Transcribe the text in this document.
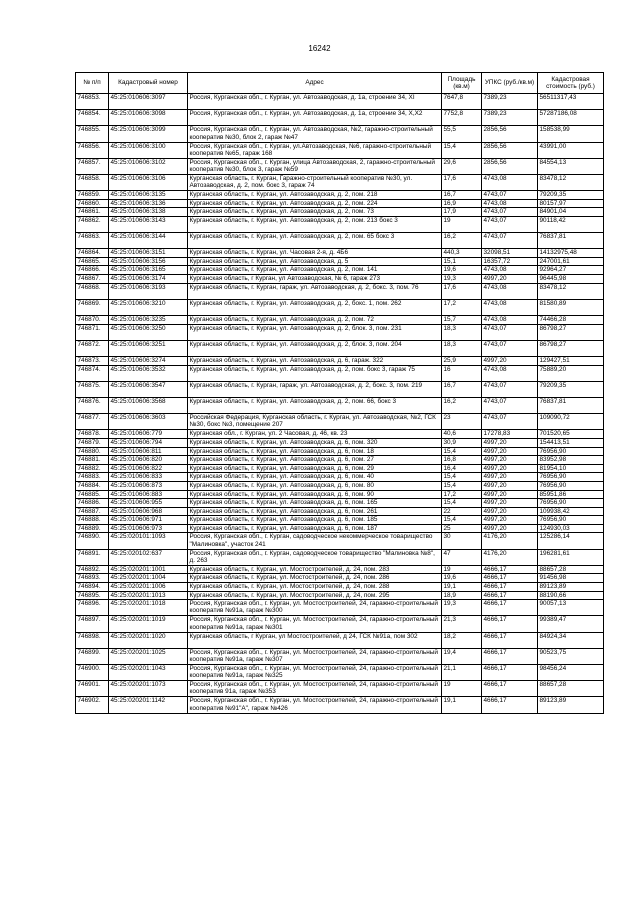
16242
№ п/п	Кадастровый номер	Адрес	Площадь (кв.м)	УПКС (руб./кв.м)	Кадастровая стоимость (руб.)
746853.	45:25:010606:3097	Россия, Курганская обл., г. Курган, ул. Автозаводская, д. 1а, строение 34, XI	7647,8	7389,23	56511317,43
746854.	45:25:010606:3098	Россия, Курганская обл., г. Курган, ул. Автозаводская, д. 1а, строение 34, X,X2	7752,8	7389,23	57287186,08
746855.	45:25:010606:3099	Россия, Курганская обл., г. Курган, ул. Автозаводская, №2, гаражно-строительный кооператив №30, блок 2, гараж №47	55,5	2856,56	158538,99
746856.	45:25:010606:3100	Россия, Курганская обл., г. Курган, ул.Автозаводская, №6, гаражно-строительный кооператив №65, гараж 168	15,4	2856,56	43991,00
746857.	45:25:010606:3102	Россия, Курганская обл., г. Курган, улица Автозаводская, 2, гаражно-строительный кооператив №30, блок 3, гараж №59	29,6	2856,56	84554,13
746858.	45:25:010606:3106	Курганская область, г. Курган, Гаражно-строительный кооператив №30, ул. Автозаводская, д. 2, пом. бокс 3, гараж 74	17,6	4743,08	83478,12
746859.	45:25:010606:3135	Курганская область, г. Курган, ул. Автозаводская, д. 2, пом. 218	16,7	4743,07	79209,35
746860.	45:25:010606:3136	Курганская область, г. Курган, ул. Автозаводская, д. 2, пом. 224	16,9	4743,08	80157,97
746861.	45:25:010606:3138	Курганская область, г. Курган, ул. Автозаводская, д. 2, пом. 73	17,9	4743,07	84901,04
746862.	45:25:010606:3143	Курганская область, г. Курган, ул. Автозаводская, д. 2, пом. 213 бокс 3	19	4743,07	90118,42
746863.	45:25:010606:3144	Курганская область, г. Курган, ул. Автозаводская, д. 2, пом. 65 бокс 3	16,2	4743,07	76837,81
746864.	45:25:010606:3151	Курганская область, г. Курган, ул. Часовая 2-я, д. 4Б6	440,3	32098,51	14132975,48
746865.	45:25:010606:3156	Курганская область, г. Курган, ул. Автозаводская, д. 5	15,1	16357,72	247001,61
746866.	45:25:010606:3165	Курганская область, г. Курган, ул. Автозаводская, д. 2, пом. 141	19,6	4743,08	92964,27
746867.	45:25:010606:3174	Курганская область, г Курган, ул Автозаводская, № 6, гараж 273	19,3	4997,20	96445,98
746868.	45:25:010606:3193	Курганская область, г. Курган, гараж, ул. Автозаводская, д. 2, бокс. 3, пом. 76	17,6	4743,08	83478,12
746869.	45:25:010606:3210	Курганская область, г. Курган, ул. Автозаводская, д. 2, бокс. 1, пом. 262	17,2	4743,08	81580,89
746870.	45:25:010606:3235	Курганская область, г. Курган, ул. Автозаводская, д. 2, пом. 72	15,7	4743,08	74466,28
746871.	45:25:010606:3250	Курганская область, г. Курган, ул. Автозаводская, д. 2, блок. 3, пом. 231	18,3	4743,07	86798,27
746872.	45:25:010606:3251	Курганская область, г. Курган, ул. Автозаводская, д. 2, блок. 3, пом. 204	18,3	4743,07	86798,27
746873.	45:25:010606:3274	Курганская область, г. Курган, ул. Автозаводская, д. 6, гараж. 322	25,9	4997,20	129427,51
746874.	45:25:010606:3532	Курганская область, г. Курган, ул. Автозаводская, д. 2, пом. бокс 3, гараж 75	16	4743,08	75889,20
746875.	45:25:010606:3547	Курганская область, г. Курган, гараж, ул. Автозаводская, д. 2, бокс. 3, пом. 219	16,7	4743,07	79209,35
746876.	45:25:010606:3568	Курганская область, г. Курган, ул. Автозаводская, д. 2, пом. 66, бокс 3	16,2	4743,07	76837,81
746877.	45:25:010606:3603	Российская Федерация, Курганская область, г. Курган, ул. Автозаводская, №2, ГСК №30, бокс №3, помещение 207	23	4743,07	109090,72
746878.	45:25:010606:779	Курганская обл., г. Курган, ул. 2 Часовая, д. 46, кв. 23	40,6	17278,83	701520,65
746879.	45:25:010606:794	Курганская область, г. Курган, ул. Автозаводская, д. 6, пом. 320	30,9	4997,20	154413,51
746880.	45:25:010606:811	Курганская область, г. Курган, ул. Автозаводская, д. 6, пом. 18	15,4	4997,20	76956,90
746881.	45:25:010606:820	Курганская область, г. Курган, ул. Автозаводская, д. 6, пом. 27	16,8	4997,20	83952,98
746882.	45:25:010606:822	Курганская область, г. Курган, ул. Автозаводская, д. 6, пом. 29	16,4	4997,20	81954,10
746883.	45:25:010606:833	Курганская область, г. Курган, ул. Автозаводская, д. 6, пом. 40	15,4	4997,20	76956,90
746884.	45:25:010606:873	Курганская область, г. Курган, ул. Автозаводская, д. 6, пом. 80	15,4	4997,20	76956,90
746885.	45:25:010606:883	Курганская область, г. Курган, ул. Автозаводская, д. 6, пом. 90	17,2	4997,20	85951,86
746886.	45:25:010606:955	Курганская область, г. Курган, ул. Автозаводская, д. 6, пом. 165	15,4	4997,20	76956,90
746887.	45:25:010606:968	Курганская область, г. Курган, ул. Автозаводская, д. 6, пом. 261	22	4997,20	109938,42
746888.	45:25:010606:971	Курганская область, г. Курган, ул. Автозаводская, д. 6, пом. 185	15,4	4997,20	76956,90
746889.	45:25:010606:973	Курганская область, г. Курган, ул. Автозаводская, д. 6, пом. 187	25	4997,20	124930,03
746890.	45:25:020101:1093	Россия, Курганская обл., г. Курган, садоводческое некоммерческое товарищество "Малиновка", участок 241	30	4176,20	125286,14
746891.	45:25:020102:637	Россия, Курганская обл., г. Курган, садоводческое товарищество "Малиновка №8", д. 263	47	4176,20	196281,61
746892.	45:25:020201:1001	Курганская область, г. Курган, ул. Мостостроителей, д. 24, пом. 283	19	4666,17	88657,28
746893.	45:25:020201:1004	Курганская область, г. Курган, ул. Мостостроителей, д. 24, пом. 286	19,6	4666,17	91456,98
746894.	45:25:020201:1006	Курганская область, г. Курган, ул. Мостостроителей, д. 24, пом. 288	19,1	4666,17	89123,89
746895.	45:25:020201:1013	Курганская область, г. Курган, ул. Мостостроителей, д. 24, пом. 295	18,9	4666,17	88190,66
746896.	45:25:020201:1018	Россия, Курганская обл., г. Курган, ул. Мостостроителей, 24, гаражно-строительный кооператив №91а, гараж №300	19,3	4666,17	90057,13
746897.	45:25:020201:1019	Россия, Курганская обл., г. Курган, ул. Мостостроителей, 24, гаражно-строительный кооператив №91а, гараж №301	21,3	4666,17	99389,47
746898.	45:25:020201:1020	Курганская область, г Курган, ул Мостостроителей, д 24, ГСК №91а, пом 302	18,2	4666,17	84924,34
746899.	45:25:020201:1025	Россия, Курганская обл., г. Курган, ул. Мостостроителей, 24, гаражно-строительный кооператив №91а, гараж №307	19,4	4666,17	90523,75
746900.	45:25:020201:1043	Россия, Курганская обл., г. Курган, ул. Мостостроителей, 24, гаражно-строительный кооператив №91а, гараж №325	21,1	4666,17	98456,24
746901.	45:25:020201:1073	Россия, Курганская обл., г. Курган, ул. Мостостроителей, 24, гаражно-строительный кооператив 91а, гараж №353	19	4666,17	88657,28
746902.	45:25:020201:1142	Россия, Курганская обл., г. Курган, ул. Мостостроителей, 24, гаражно-строительный кооператив №91"А", гараж №426	19,1	4666,17	89123,89
